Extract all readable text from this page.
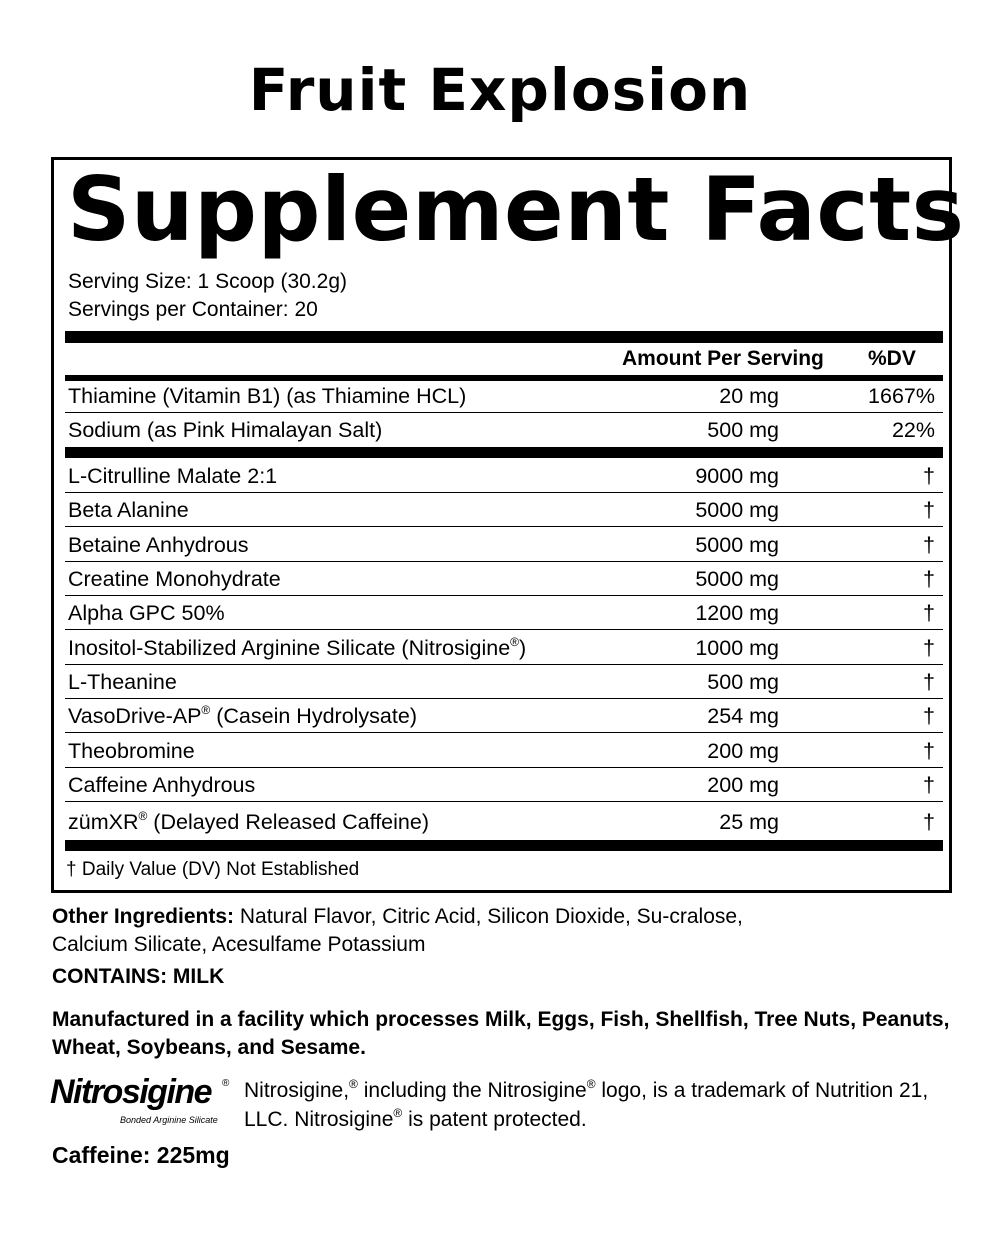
Fruit Explosion
Supplement Facts
Serving Size: 1 Scoop (30.2g)
Servings per Container: 20
Amount Per Serving %DV
Thiamine (Vitamin B1) (as Thiamine HCL)	20 mg	1667%
Sodium (as Pink Himalayan Salt)	500 mg	22%
L-Citrulline Malate 2:1	9000 mg	†
Beta Alanine	5000 mg	†
Betaine Anhydrous	5000 mg	†
Creatine Monohydrate	5000 mg	†
Alpha GPC 50%	1200 mg	†
Inositol-Stabilized Arginine Silicate (Nitrosigine®)	1000 mg	†
L-Theanine	500 mg	†
VasoDrive-AP® (Casein Hydrolysate)	254 mg	†
Theobromine	200 mg	†
Caffeine Anhydrous	200 mg	†
zümXR® (Delayed Released Caffeine)	25 mg	†
† Daily Value (DV) Not Established
Other Ingredients: Natural Flavor, Citric Acid, Silicon Dioxide, Su-cralose, Calcium Silicate, Acesulfame Potassium
CONTAINS: MILK
Manufactured in a facility which processes Milk, Eggs, Fish, Shellfish, Tree Nuts, Peanuts, Wheat, Soybeans, and Sesame.
Nitrosigine ®
Bonded Arginine Silicate
Nitrosigine,® including the Nitrosigine® logo, is a trademark of Nutrition 21, LLC. Nitrosigine® is patent protected.
Caffeine: 225mg
